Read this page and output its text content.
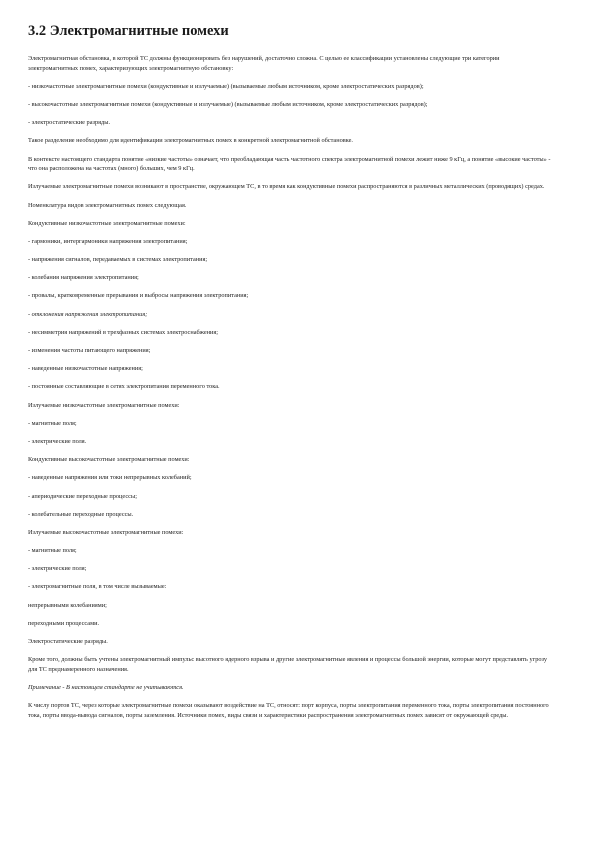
3.2 Электромагнитные помехи

Электромагнитная обстановка, в которой ТС должны функционировать без нарушений, достаточно сложна. С целью ее классификации установлены следующие три категории электромагнитных помех, характеризующих электромагнитную обстановку:

- низкочастотные электромагнитные помехи (кондуктивные и излучаемые) (вызываемые любым источником, кроме электростатических разрядов);

- высокочастотные электромагнитные помехи (кондуктивные и излучаемые) (вызываемые любым источником, кроме электростатических разрядов);

- электростатические разряды.

Такое разделение необходимо для идентификации электромагнитных помех в конкретной электромагнитной обстановке.

В контексте настоящего стандарта понятие «низкие частоты» означает, что преобладающая часть частотного спектра электромагнитной помехи лежит ниже 9 кГц, а понятие «высокие частоты» - что она расположена на частотах (много) больших, чем 9 кГц.

Излучаемые электромагнитные помехи возникают в пространстве, окружающем ТС, в то время как кондуктивные помехи распространяются в различных металлических (проводящих) средах.

Номенклатура видов электромагнитных помех следующая.

Кондуктивные низкочастотные электромагнитные помехи:

- гармоники, интергармоники напряжения электропитания;

- напряжения сигналов, передаваемых в системах электропитания;

- колебания напряжения электропитания;

- провалы, кратковременные прерывания и выбросы напряжения электропитания;

- отклонения напряжения электропитания;

- несимметрия напряжений в трехфазных системах электроснабжения;

- изменения частоты питающего напряжения;

- наведенные низкочастотные напряжения;

- постоянные составляющие в сетях электропитания переменного тока.

Излучаемые низкочастотные электромагнитные помехи:

- магнитные поля;

- электрические поля.

Кондуктивные высокочастотные электромагнитные помехи:

- наведенные напряжения или токи непрерывных колебаний;

- апериодические переходные процессы;

- колебательные переходные процессы.

Излучаемые высокочастотные электромагнитные помехи:

- магнитные поля;

- электрические поля;

- электромагнитные поля, в том числе вызываемые:

непрерывными колебаниями;

переходными процессами.

Электростатические разряды.

Кроме того, должны быть учтены электромагнитный импульс высотного ядерного взрыва и другие электромагнитные явления и процессы большой энергии, которые могут представлять угрозу для ТС преднамеренного назначения.

Примечание - В настоящем стандарте не учитываются.

К числу портов ТС, через которые электромагнитные помехи оказывают воздействие на ТС, относят: порт корпуса, порты электропитания переменного тока, порты электропитания постоянного тока, порты ввода-вывода сигналов, порты заземления. Источники помех, виды связи и характеристики распространения электромагнитных помех зависят от окружающей среды.
